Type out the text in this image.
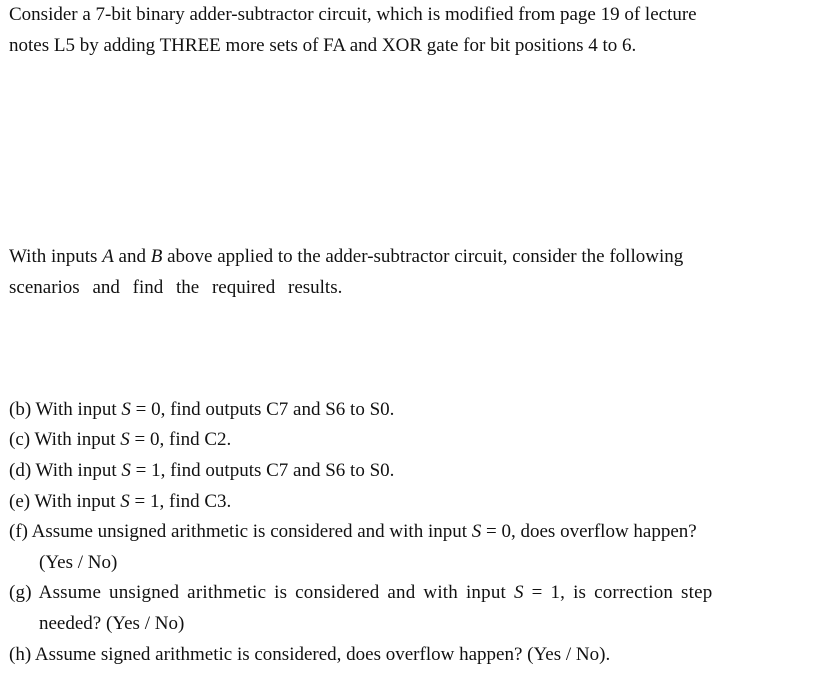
Consider a 7-bit binary adder-subtractor circuit, which is modified from page 19 of lecture
notes L5 by adding THREE more sets of FA and XOR gate for bit positions 4 to 6.
With inputs A and B above applied to the adder-subtractor circuit, consider the following
scenarios and find the required results.
(b) With input S = 0, find outputs C7 and S6 to S0.
(c) With input S = 0, find C2.
(d) With input S = 1, find outputs C7 and S6 to S0.
(e) With input S = 1, find C3.
(f) Assume unsigned arithmetic is considered and with input S = 0, does overflow happen?
(Yes / No)
(g) Assume unsigned arithmetic is considered and with input S = 1, is correction step
needed? (Yes / No)
(h) Assume signed arithmetic is considered, does overflow happen? (Yes / No).
